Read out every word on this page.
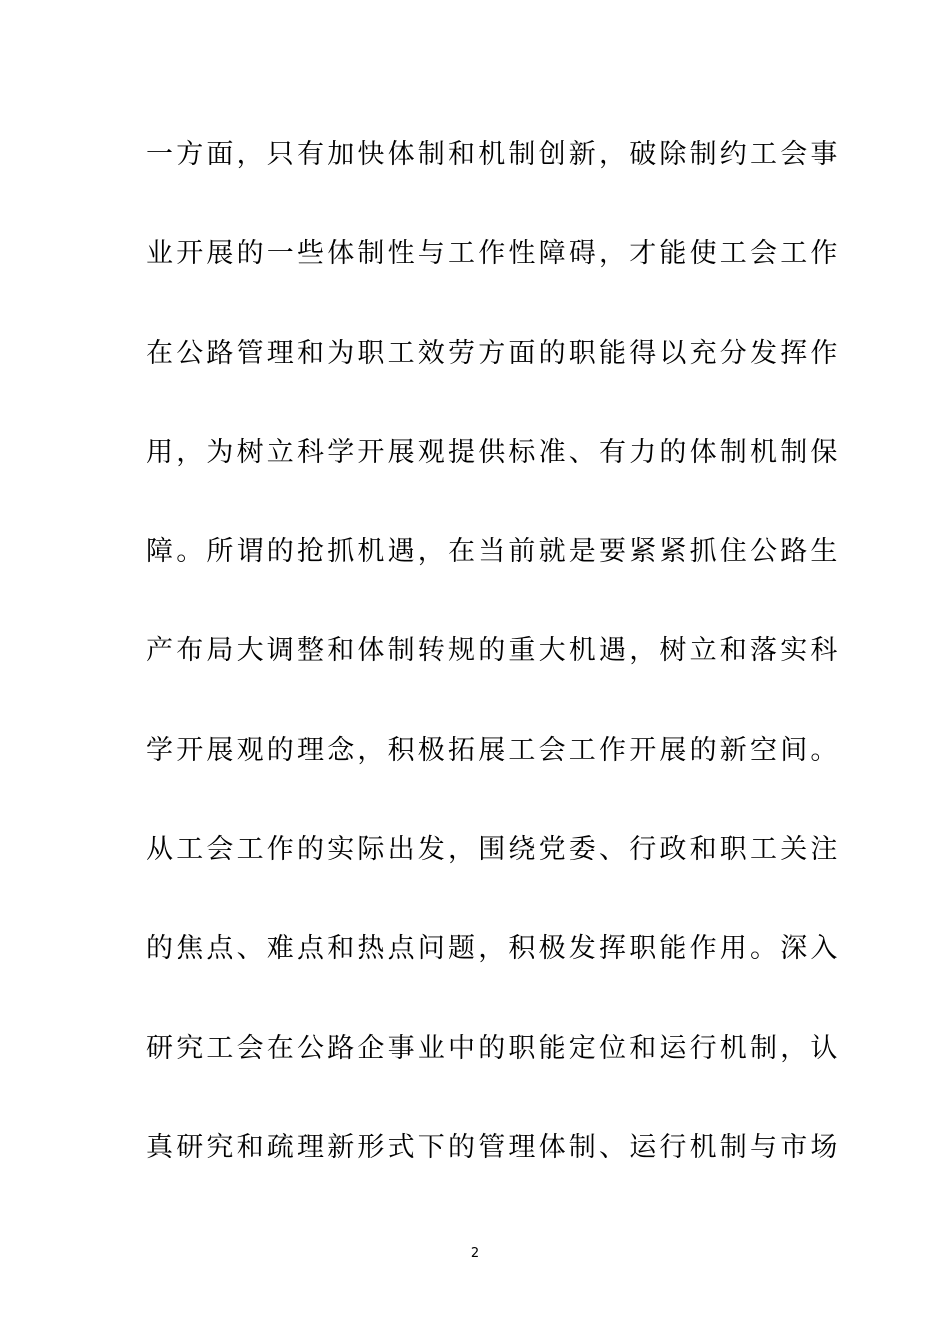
一方面，只有加快体制和机制创新，破除制约工会事
业开展的一些体制性与工作性障碍，才能使工会工作
在公路管理和为职工效劳方面的职能得以充分发挥作
用，为树立科学开展观提供标准、有力的体制机制保
障。所谓的抢抓机遇，在当前就是要紧紧抓住公路生
产布局大调整和体制转规的重大机遇，树立和落实科
学开展观的理念，积极拓展工会工作开展的新空间。
从工会工作的实际出发，围绕党委、行政和职工关注
的焦点、难点和热点问题，积极发挥职能作用。深入
研究工会在公路企事业中的职能定位和运行机制，认
真研究和疏理新形式下的管理体制、运行机制与市场
2
